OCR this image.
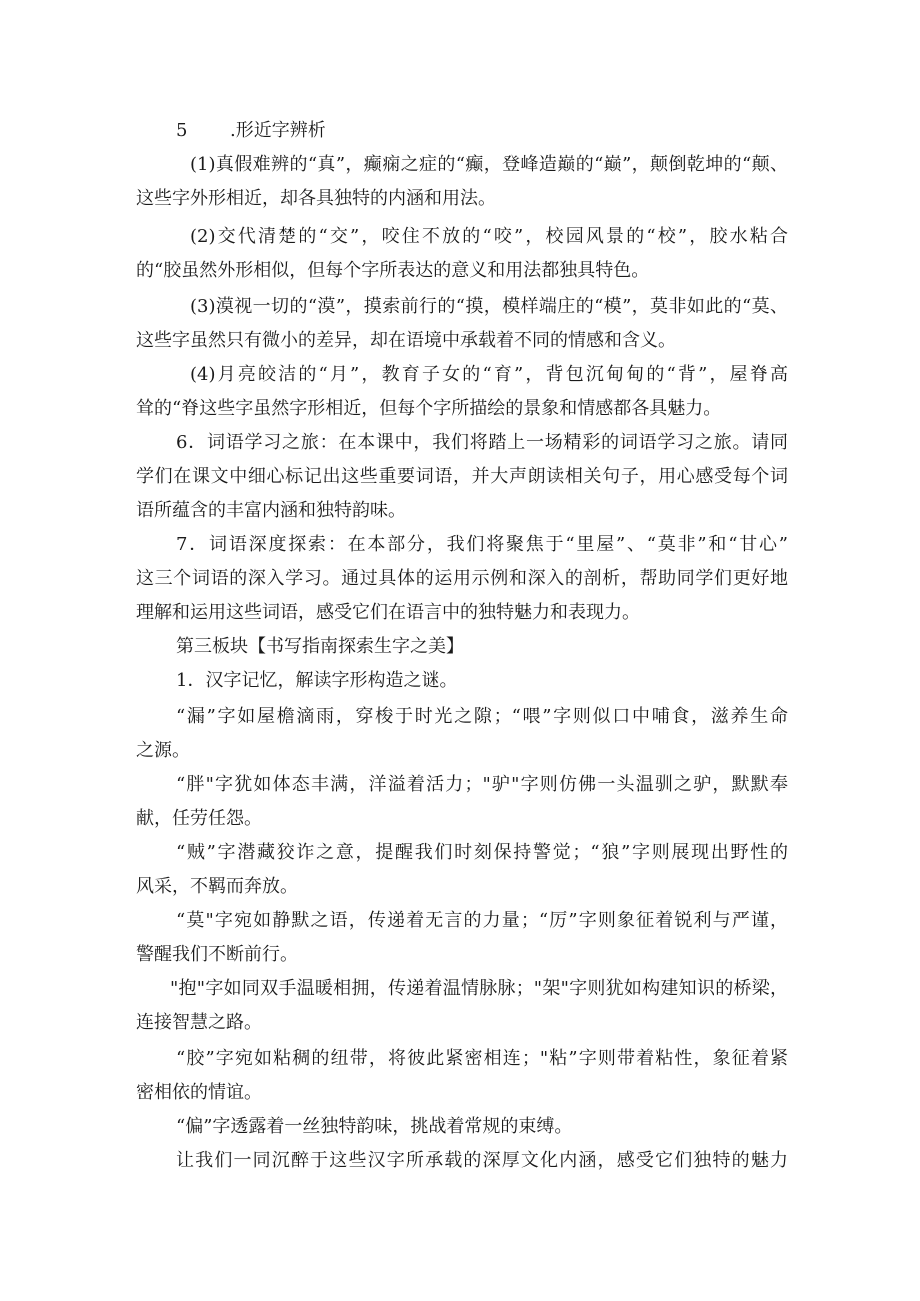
5 .形近字辨析
(1)真假难辨的“真”，癫痫之症的“癫，登峰造巅的“巅”，颠倒乾坤的“颠、
这些字外形相近，却各具独特的内涵和用法。
(2)交代清楚的“交”，咬住不放的“咬”，校园风景的“校”，胶水粘合
的“胶虽然外形相似，但每个字所表达的意义和用法都独具特色。
(3)漠视一切的“漠”，摸索前行的“摸，模样端庄的“模”，莫非如此的“莫、
这些字虽然只有微小的差异，却在语境中承载着不同的情感和含义。
(4)月亮皎洁的“月”，教育子女的“育”，背包沉甸甸的“背”，屋脊高
耸的“脊这些字虽然字形相近，但每个字所描绘的景象和情感都各具魅力。
6．词语学习之旅：在本课中，我们将踏上一场精彩的词语学习之旅。请同
学们在课文中细心标记出这些重要词语，并大声朗读相关句子，用心感受每个词
语所蕴含的丰富内涵和独特韵味。
7．词语深度探索：在本部分，我们将聚焦于“里屋”、“莫非”和“甘心”
这三个词语的深入学习。通过具体的运用示例和深入的剖析，帮助同学们更好地
理解和运用这些词语，感受它们在语言中的独特魅力和表现力。
第三板块【书写指南探索生字之美】
1．汉字记忆，解读字形构造之谜。
“漏”字如屋檐滴雨，穿梭于时光之隙；“喂”字则似口中哺食，滋养生命
之源。
“胖"字犹如体态丰满，洋溢着活力；"驴"字则仿佛一头温驯之驴，默默奉
献，任劳任怨。
“贼”字潜藏狡诈之意，提醒我们时刻保持警觉；“狼”字则展现出野性的
风采，不羁而奔放。
“莫"字宛如静默之语，传递着无言的力量；“厉”字则象征着锐利与严谨，
警醒我们不断前行。
"抱"字如同双手温暖相拥，传递着温情脉脉；"架"字则犹如构建知识的桥梁，
连接智慧之路。
“胶”字宛如粘稠的纽带，将彼此紧密相连；"粘”字则带着粘性，象征着紧
密相依的情谊。
“偏”字透露着一丝独特韵味，挑战着常规的束缚。
让我们一同沉醉于这些汉字所承载的深厚文化内涵，感受它们独特的魅力
